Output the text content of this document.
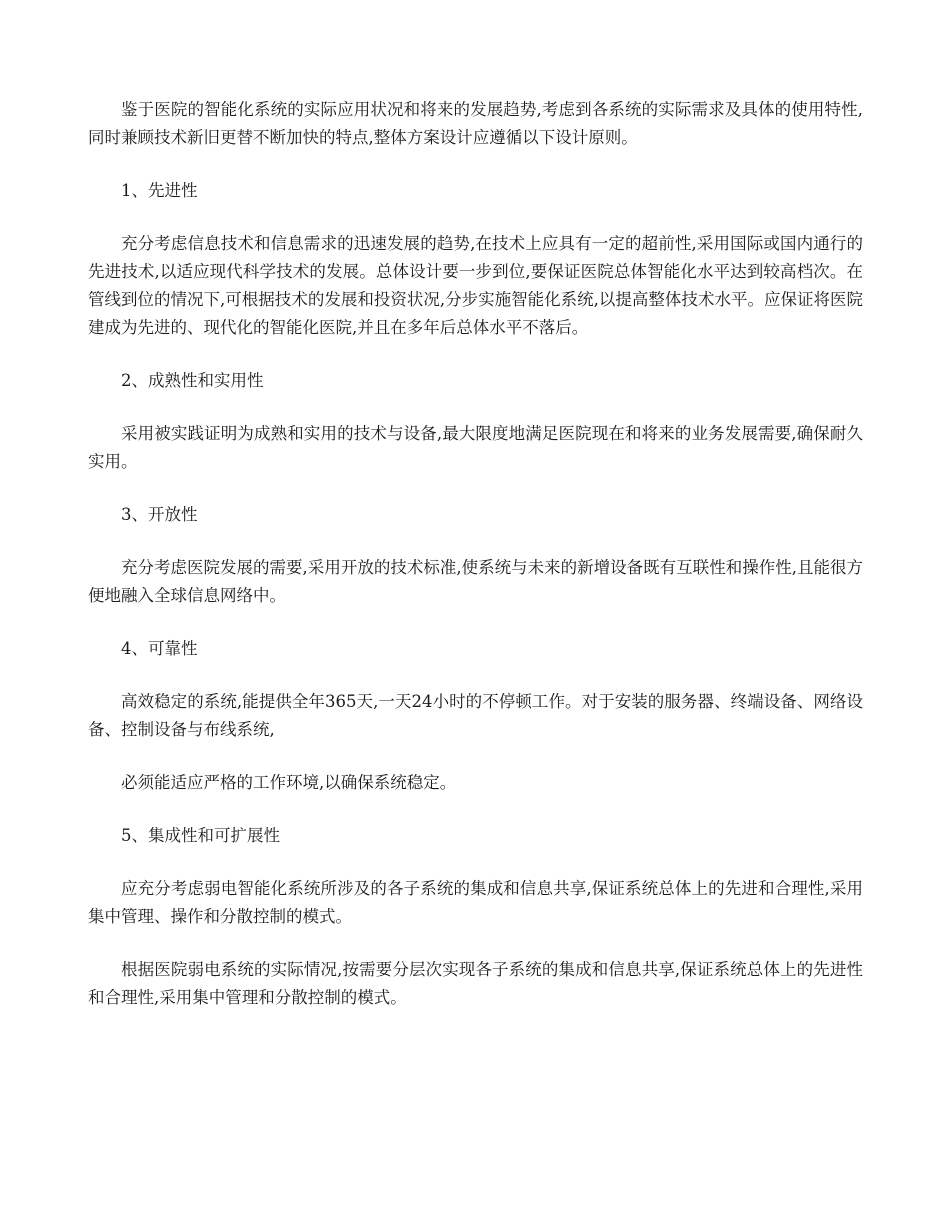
鉴于医院的智能化系统的实际应用状况和将来的发展趋势,考虑到各系统的实际需求及具体的使用特性,同时兼顾技术新旧更替不断加快的特点,整体方案设计应遵循以下设计原则。

1、先进性

充分考虑信息技术和信息需求的迅速发展的趋势,在技术上应具有一定的超前性,采用国际或国内通行的先进技术,以适应现代科学技术的发展。总体设计要一步到位,要保证医院总体智能化水平达到较高档次。在管线到位的情况下,可根据技术的发展和投资状况,分步实施智能化系统,以提高整体技术水平。应保证将医院建成为先进的、现代化的智能化医院,并且在多年后总体水平不落后。

2、成熟性和实用性

采用被实践证明为成熟和实用的技术与设备,最大限度地满足医院现在和将来的业务发展需要,确保耐久实用。

3、开放性

充分考虑医院发展的需要,采用开放的技术标准,使系统与未来的新增设备既有互联性和操作性,且能很方便地融入全球信息网络中。

4、可靠性

高效稳定的系统,能提供全年365天,一天24小时的不停顿工作。对于安装的服务器、终端设备、网络设备、控制设备与布线系统,

必须能适应严格的工作环境,以确保系统稳定。

5、集成性和可扩展性

应充分考虑弱电智能化系统所涉及的各子系统的集成和信息共享,保证系统总体上的先进和合理性,采用集中管理、操作和分散控制的模式。

根据医院弱电系统的实际情况,按需要分层次实现各子系统的集成和信息共享,保证系统总体上的先进性和合理性,采用集中管理和分散控制的模式。
